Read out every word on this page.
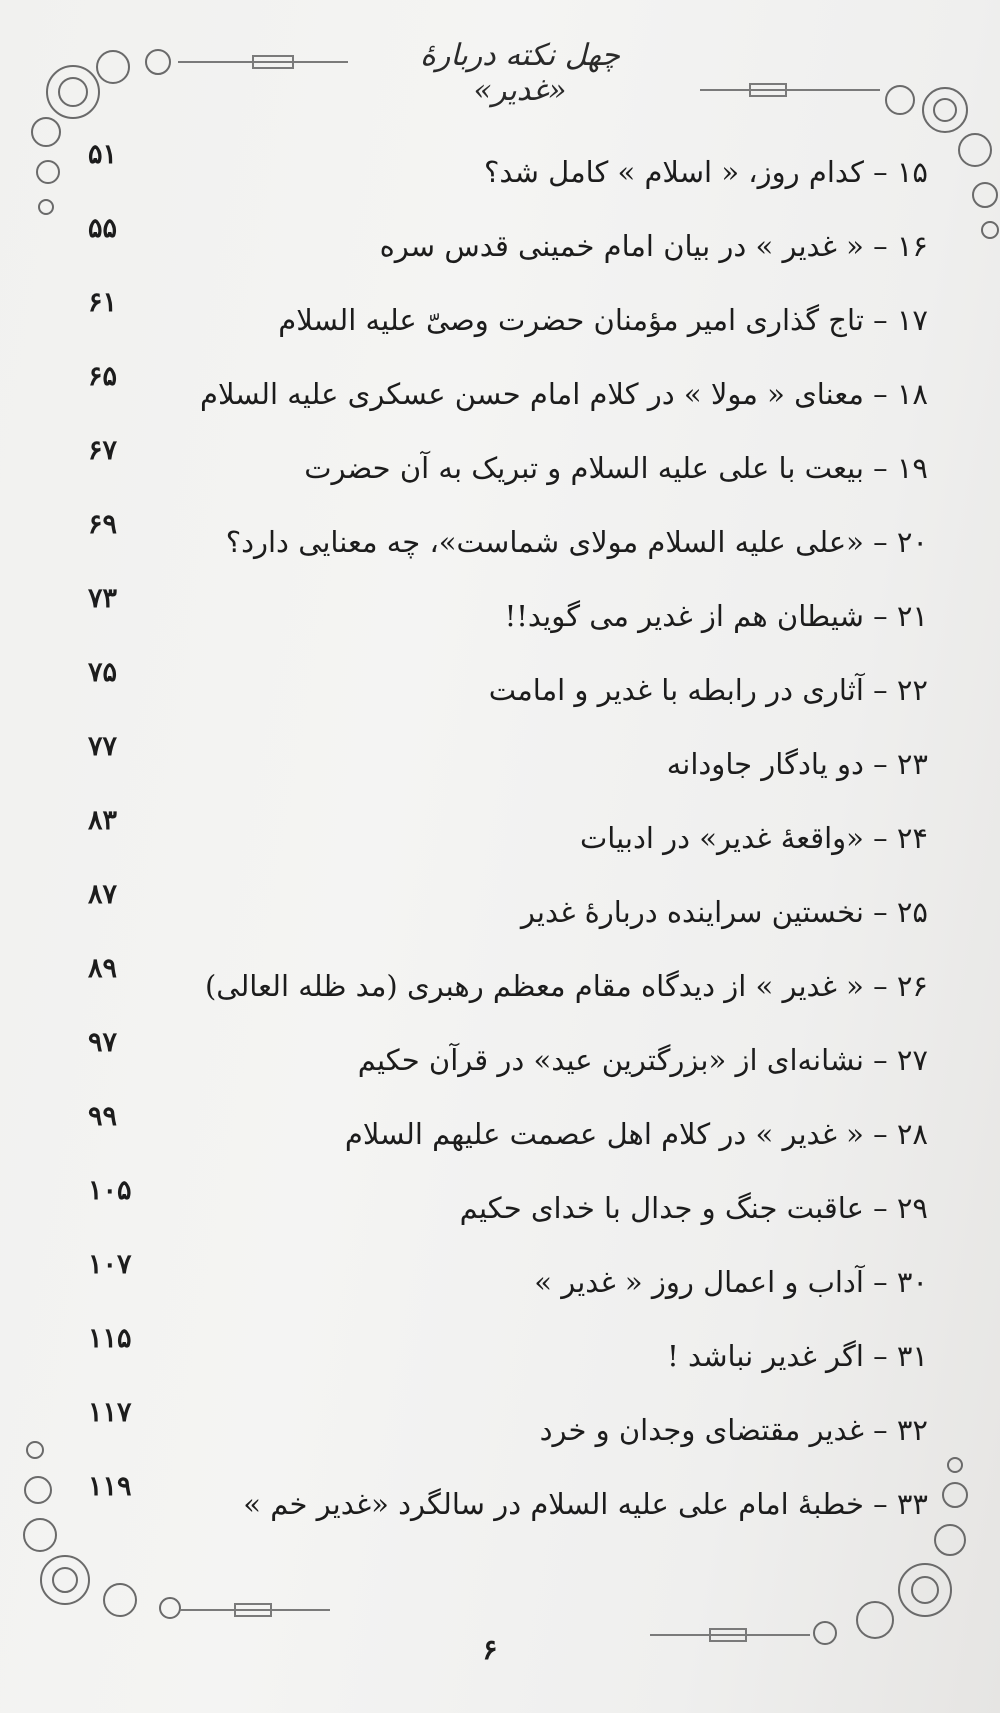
چهل نکته دربارهٔ «غدیر»
۱۵ – کدام روز، « اسلام » کامل شد؟
۵۱
۱۶ – « غدیر » در بیان امام خمینی قدس سره
۵۵
۱۷ – تاج گذاری امیر مؤمنان حضرت وصیّ علیه السلام
۶۱
۱۸ – معنای « مولا » در کلام امام حسن عسکری علیه السلام
۶۵
۱۹ – بیعت با علی علیه السلام و تبریک به آن حضرت
۶۷
۲۰ – «علی علیه السلام مولای شماست»، چه معنایی دارد؟
۶۹
۲۱ – شیطان هم از غدیر می گوید!!
۷۳
۲۲ – آثاری در رابطه با غدیر و امامت
۷۵
۲۳ – دو یادگار جاودانه
۷۷
۲۴ – «واقعهٔ غدیر» در ادبیات
۸۳
۲۵ – نخستین سراینده دربارهٔ غدیر
۸۷
۲۶ – « غدیر » از دیدگاه مقام معظم رهبری (مد ظله العالی)
۸۹
۲۷ – نشانه‌ای از «بزرگترین عید» در قرآن حکیم
۹۷
۲۸ – « غدیر » در کلام اهل عصمت علیهم السلام
۹۹
۲۹ – عاقبت جنگ و جدال با خدای حکیم
۱۰۵
۳۰ – آداب و اعمال روز « غدیر »
۱۰۷
۳۱ – اگر غدیر نباشد !
۱۱۵
۳۲ – غدیر مقتضای وجدان و خرد
۱۱۷
۳۳ – خطبهٔ امام علی علیه السلام در سالگرد «غدیر خم »
۱۱۹
۶
